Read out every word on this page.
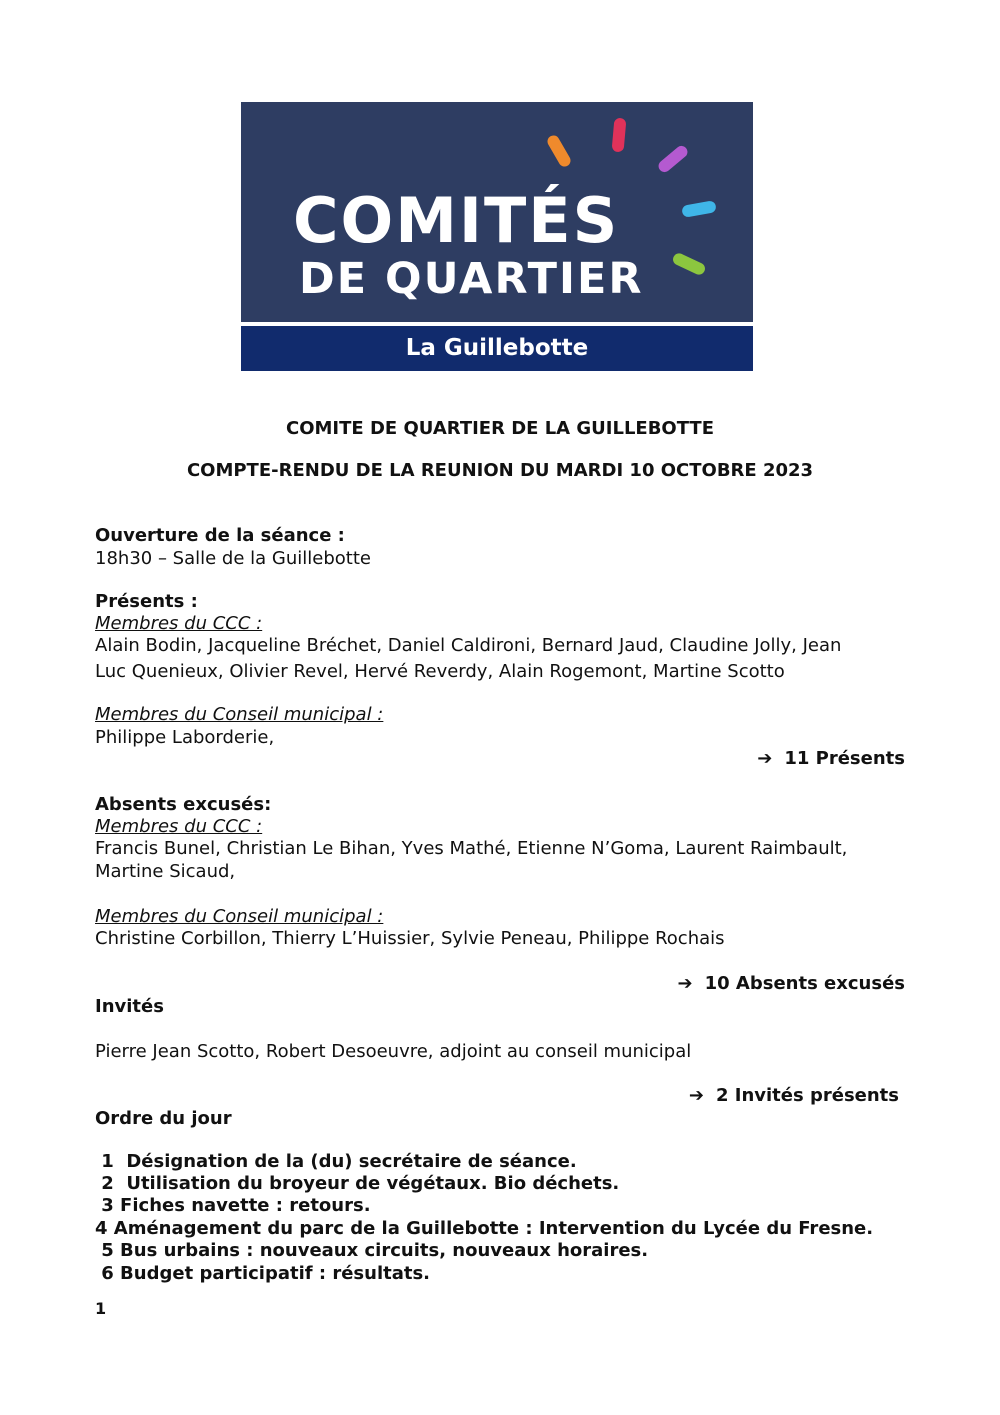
COMITÉS
DE QUARTIER
La Guillebotte
COMITE DE QUARTIER DE LA GUILLEBOTTE
COMPTE-RENDU DE LA REUNION DU MARDI 10 OCTOBRE 2023
Ouverture de la séance :
18h30 – Salle de la Guillebotte
Présents :
Membres du CCC :
Alain Bodin, Jacqueline Bréchet, Daniel Caldironi, Bernard Jaud, Claudine Jolly, Jean
Luc Quenieux, Olivier Revel, Hervé Reverdy, Alain Rogemont, Martine Scotto
Membres du Conseil municipal :
Philippe Laborderie,
➔ 11 Présents
Absents excusés:
Membres du CCC :
Francis Bunel, Christian Le Bihan, Yves Mathé, Etienne N’Goma, Laurent Raimbault,
Martine Sicaud,
Membres du Conseil municipal :
Christine Corbillon, Thierry L’Huissier, Sylvie Peneau, Philippe Rochais
➔ 10 Absents excusés
Invités
Pierre Jean Scotto, Robert Desoeuvre, adjoint au conseil municipal
➔ 2 Invités présents
Ordre du jour
1  Désignation de la (du) secrétaire de séance.
2  Utilisation du broyeur de végétaux. Bio déchets.
3 Fiches navette : retours.
4 Aménagement du parc de la Guillebotte : Intervention du Lycée du Fresne.
5 Bus urbains : nouveaux circuits, nouveaux horaires.
6 Budget participatif : résultats.
1
